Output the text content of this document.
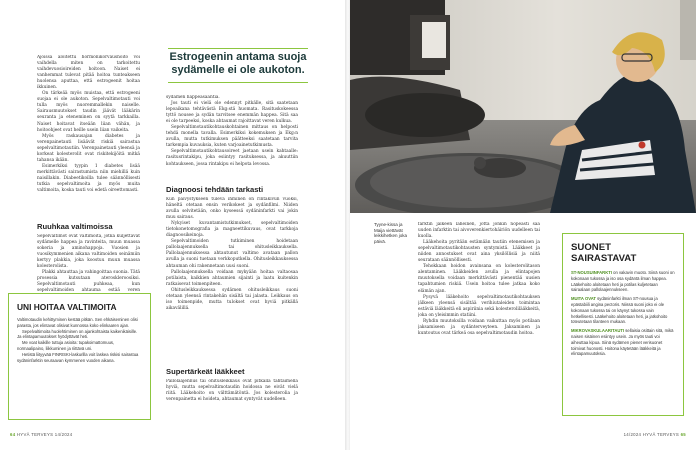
Ajoissa aloitettu hormonikorvaushoito voi vaihdella miten on tarkoitettu vaihdevuosioireiden hoitoon. Naiset ei vanhemmat tulevat pitää hoitoa tunteakseen huolensa aputtaa, että estrogeenit hoitaa ikkuinen.

On tärkeää myös muistaa, että estrogeeni suojaa ei ole aukoton. Sepelvaltimotauti voi tulla myös nuoremmallekin naiselle. Sairausmuutokset taudin jäävät lääkärin seuranta ja eteneminen on syytä tarkkailla. Naiset hoitavat itseään liian vähän, ja hoitoohjeet ovat heille usein liian vaikeita.

Myös raskausajan diabetes ja verenpainetauti lisäävät riskiä sairastua sepelvaltimotautiin. Verenpainetauti yleensä ja korkeat kolesterolit ovat riskitekijöitä mitkä tahansa ikään.

Esimerkiksi tyypin 1 diabetes lisää merkittävästi sairastumista niin miehillä kuin naisillakin. Diabeetikoilla tulee säännöllisesti tutkia sepelvaltimoita ja myös muita valtimoita, koska tauti voi edetä oireettomasti.

Ruuhkaa valtimoissa

Sepelvaltimot ovat valtimoita, jotka kuljettavat sydämelle happea ja ravinteita, muun muassa sokeria ja aminohappoja. Vuosien ja vuosikymmenien aikana valtimoiden seinämiin kertyy plakkia, joka koostuu muun muassa kolesterolista.

Plakki ahtauttaa ja vahingoittaa suonia. Tätä prosessia kutsutaan ateroskleroosiksi. Sepelvaltimotauti puhkeaa, kun sepelvaltimoiden ahtauma estää veren

UNI HOITAA VALTIMOITA

Valtimotaudin kehittyminen kestää pitkän. Sen ehkäiseminen olisi parasta, jos elintavat olisivat kunnossa koko elinkaaren ajan.

Sepelvaltimoita huolehtiminen on ajankohtaista kaikenikäisille. Ja elintapamuutokset hyödyttävät heti.

Me voat kaikille tuttuja asioita: tupakoimattomuus, normaalipaino, liikkuminen ja riittävä uni.

Hetistä liityyvää FINRISKI-laskurilla voit laskea riskisi sairastua sydäninfarktin seuraavan kymmenen vuoden aikana.

Estrogeenin antama suoja sydämelle ei ole aukoton.

sydämen happeasaantia.

Jos tauti ei vielä ole edennyt pitkälle, sitä saatetaan lepoaikana tehtävästä Ekg:stä huomata. Rasituskokeessa tyttö nousee ja sydän tarvitsee enemmän happea. Sitä saa ei ole tarpeeksi, koska ahtaumat rajoittavat veren kulkua.

Sepelvaltimotautikohtauskohtainen mittaus on helposti tehdä monella tavalla. Esimerkiksi kokemuksen ja Ekg:n avulla, mutta tutkimuksen päätteeksi saatetaan tarvita tarkempia kuvauksia, kuten varjoainetutkimusta.

Sepelvaltimotautikohtausoireet jaetaan usein kahtaalle: rasitusrintakipu, joka esiintyy rasituksessa, ja akuuttiin kohtaukseen, jossa rintakipu ei helpota levossa.

Diagnoosi tehdään tarkasti

Kun päivystykseen tuleva ihminen on rintakivun vuoksi, häneltä otetaan ensin verikokeet ja sydänfilmi. Niiden avulla selvitetään, onko kyseessä sydäninfarkti vai jokin muu sairaus.

Nykyiset kuvantamistutkimukset, sepelvaltimoiden tietokonetomografia ja magneettikuvaus, ovat tarkkoja diagnoosikeinoja.

Sepelvaltimoiden tutkiminen hoidetaan pallolaajennuksella tai ohitusleikkauksella. Pallolaajennuksessa ahtautunut valtimo avataan pallon avulla ja suoni tuetaan verkkoputkella. Ohitusleikkauksessa ahtauman ohi rakennetaan uusi suoni.

Pallolaajennuksella voidaan mykyään hoitaa valtaosaa potilaista, kaikkien ahtaumien sijainti ja laatu kuitenkin ratkaisevat toimenpiteen.

Ohitusleikkauksessa sydämen ohitusleikkaus suoni otetaan yleensä rintakehän sisältä tai jalasta. Leikkaus on iso toimenpide, mutta tulokset ovat hyviä pitkällä aikavälillä.

Supertärkeät lääkkeet

Pallolaajennus tai ohitusleikkaus ovat pitkällä tähtäimellä hyviä, mutta sepelvaltimotaudin hoidossa ne eivät vielä riitä. Lääkehoito on välttämätöntä. Jos kolesterolia ja verenpainetta ei hoideta, ahtaumat syntyvät uudelleen.

64 HYVÄ TERVEYS 14/2024	14/2024 HYVÄ TERVEYS 65
Tyyne-kissa ja Maija viettävät leikkihetken joka päivä.

farktin jälkeen läheinen, jotta jonkin nopeasti saa uuden infarktin tai aivoverenkiertohäiriön uudelleen tai kuolla.

Lääkehoita pyritään estämään tautiin etenemisen ja sepelvaltimotautikohtausten syntymistä. Lääkkeet ja niiden annostukset ovat aina yksilöllisiä ja niitä seurataan säännöllisesti.

Tehokkaan hoidon avainsana on kolesterolitason alentaminen. Lääkkeiden avulla ja elintapojen muutoksella voidaan merkittävästi pienentää uusien tapahtumien riskiä. Usein hoitoa tulee jatkaa koko elämän ajan.

Pysyvä lääkehoito sepelvaltimotautikohtauksen jälkeen yleensä sisältää verihiutaleiden toimintaa estäviä lääkkeitä eli aspiriinia sekä kolesterolilääkkeitä, joka on yleisimmin statiini.

Ryhdin muutoksilla voidaan vaikuttaa myös potilaan jaksamiseen ja sydänterveyteen. Jaksaminen ja kuntoutus ovat tärkeä osa sepelvaltimotaudin hoitoa.

SUONET SAIRASTAVAT

ST-NOUSUINFARKTI on vakavin muoto. Siinä suoni on kokonaan tukossa ja iso osa sydäntä ilman happea. Lääkehoito aloitetaan heti ja potilas kuljetetaan sairaalaan pallolaajennukseen.

MUITA OVAT sydäninfarkti ilman ST-nousua ja epästabiili angina pectoris. Niissä suoni joko ei ole kokonaan tukossa tai on käynyt tukossa vain hetkellisesti. Lääkehoito aloitetaan heti, ja jatkohoito toteutetaan tilanteen mukaan.

MIKROVASKULAARITAUTI sellaisia osittain sitä, mikä naisen sisäinen esiintyy usein. Ja myös tauti voi aiheuttaa kipua. Siinä sydämen pienet verisuonet toimivat huonosti. Hoitona käytetään lääkkeitä ja elintapamuutoksia.
